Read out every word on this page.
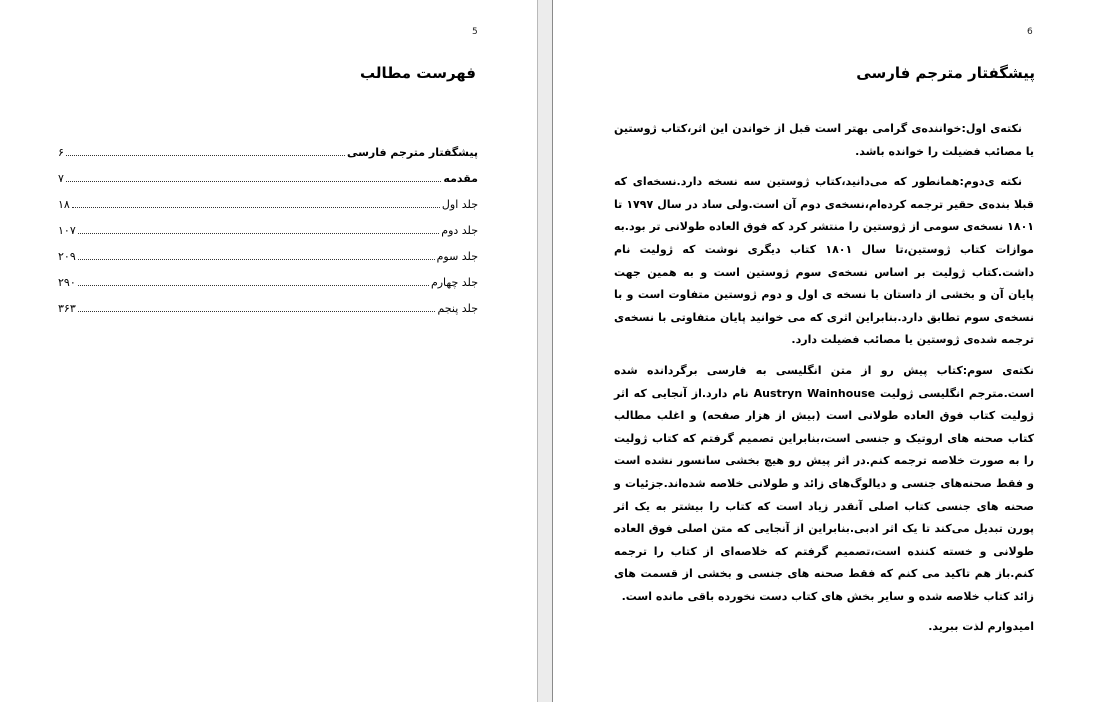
5
فهرست مطالب
پیشگفتار مترجم فارسی
۶
مقدمه
۷
جلد اول
۱۸
جلد دوم
۱۰۷
جلد سوم
۲۰۹
جلد چهارم
۲۹۰
جلد پنجم
۳۶۳
6
پیشگفتار مترجم فارسی

نکته‌ی اول:خواننده‌ی گرامی بهتر است قبل از خواندن این اثر،کتاب ژوستین یا مصائب فضیلت را خوانده باشد.

نکته ی‌دوم:همانطور که می‌دانید،کتاب ژوستین سه نسخه دارد.نسخه‌ای که قبلا بنده‌ی حقیر ترجمه کرده‌ام،نسخه‌ی دوم آن است.ولی ساد در سال ۱۷۹۷ تا ۱۸۰۱ نسخه‌ی سومی از ژوستین را منتشر کرد که فوق العاده طولانی تر بود.به موازات کتاب ژوستین،تا سال ۱۸۰۱ کتاب دیگری نوشت که ژولیت نام داشت.کتاب ژولیت بر اساس نسخه‌ی سوم ژوستین است و به همین جهت پایان آن و بخشی از داستان با نسخه ی اول و دوم ژوستین متفاوت است و با نسخه‌ی سوم تطابق دارد.بنابراین اثری که می خوانید پایان متفاوتی با نسخه‌ی ترجمه شده‌ی ژوستین یا مصائب فضیلت دارد.

نکته‌ی سوم:کتاب پیش رو از متن انگلیسی به فارسی برگردانده شده است.مترجم انگلیسی ژولیت Austryn Wainhouse نام دارد.از آنجایی که اثر ژولیت کتاب فوق العاده طولانی است (بیش از هزار صفحه) و اغلب مطالب کتاب صحنه های اروتیک و جنسی است،بنابراین تصمیم گرفتم که کتاب ژولیت را به صورت خلاصه ترجمه کنم.در اثر پیش رو هیچ بخشی سانسور نشده است و فقط صحنه‌های جنسی و دیالوگ‌های زائد و طولانی خلاصه شده‌اند.جزئیات و صحنه های جنسی کتاب اصلی آنقدر زیاد است که کتاب را بیشتر به یک اثر پورن تبدیل می‌کند تا یک اثر ادبی.بنابراین از آنجایی که متن اصلی فوق العاده طولانی و خسته کننده است،تصمیم گرفتم که خلاصه‌ای از کتاب را ترجمه کنم.باز هم تاکید می کنم که فقط صحنه های جنسی و بخشی از قسمت های زائد کتاب خلاصه شده و سایر بخش های کتاب دست نخورده باقی مانده است.

امیدوارم لذت ببرید.
